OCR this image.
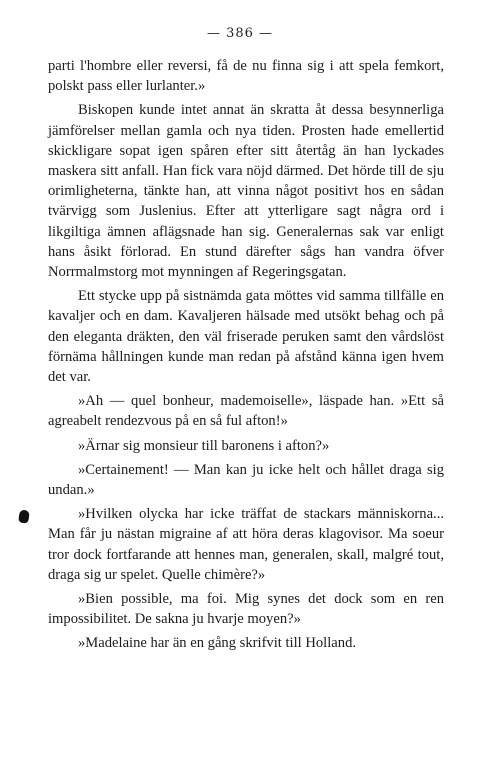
— 386 —

parti l'hombre eller reversi, få de nu finna sig i att spela femkort, polskt pass eller lurlanter.»

Biskopen kunde intet annat än skratta åt dessa besynnerliga jämförelser mellan gamla och nya tiden. Prosten hade emellertid skickligare sopat igen spåren efter sitt återtåg än han lyckades maskera sitt anfall. Han fick vara nöjd därmed. Det hörde till de sju orimligheterna, tänkte han, att vinna något positivt hos en sådan tvärvigg som Juslenius. Efter att ytterligare sagt några ord i likgiltiga ämnen aflägsnade han sig. Generalernas sak var enligt hans åsikt förlorad. En stund därefter sågs han vandra öfver Norrmalmstorg mot mynningen af Regeringsgatan.

Ett stycke upp på sistnämda gata möttes vid samma tillfälle en kavaljer och en dam. Kavaljeren hälsade med utsökt behag och på den eleganta dräkten, den väl friserade peruken samt den vårdslöst förnäma hållningen kunde man redan på afstånd känna igen hvem det var.

»Ah — quel bonheur, mademoiselle», läspade han. »Ett så agreabelt rendezvous på en så ful afton!»

»Ärnar sig monsieur till baronens i afton?»

»Certainement! — Man kan ju icke helt och hållet draga sig undan.»

»Hvilken olycka har icke träffat de stackars människorna... Man får ju nästan migraine af att höra deras klagovisor. Ma soeur tror dock fortfarande att hennes man, generalen, skall, malgré tout, draga sig ur spelet. Quelle chimère?»

»Bien possible, ma foi. Mig synes det dock som en ren impossibilitet. De sakna ju hvarje moyen?»

»Madelaine har än en gång skrifvit till Holland.
